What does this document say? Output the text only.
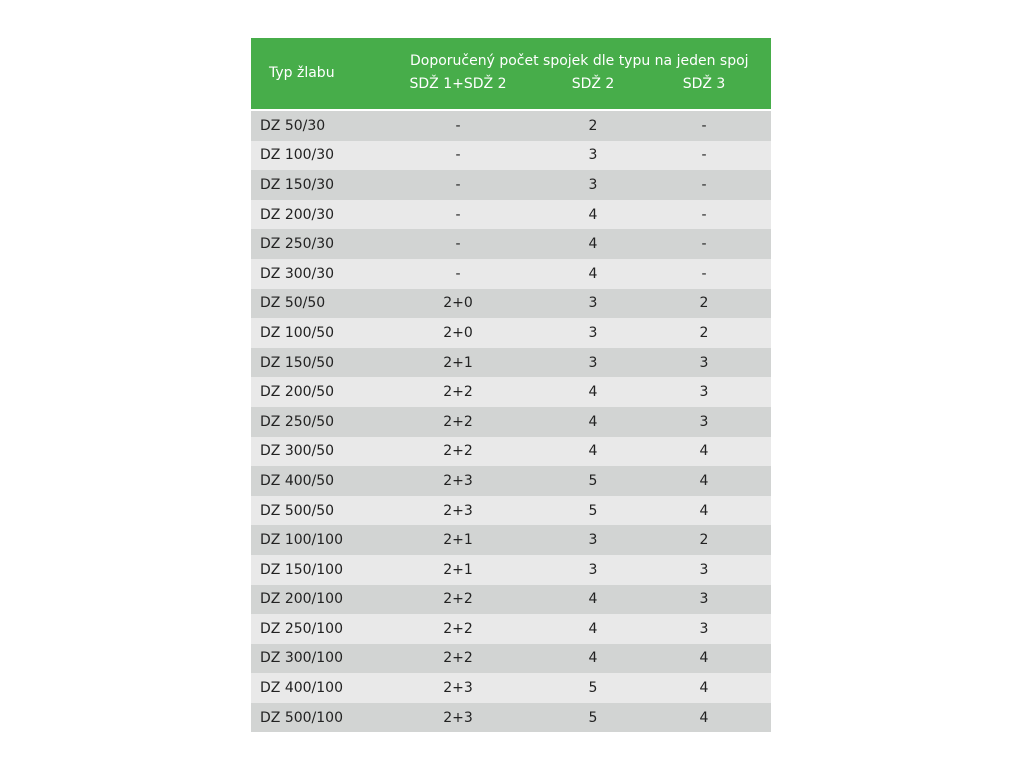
Typ žlabu
Doporučený počet spojek dle typu na jeden spoj
SDŽ 1+SDŽ 2	SDŽ 2	SDŽ 3
DZ 50/30	-	2	-
DZ 100/30	-	3	-
DZ 150/30	-	3	-
DZ 200/30	-	4	-
DZ 250/30	-	4	-
DZ 300/30	-	4	-
DZ 50/50	2+0	3	2
DZ 100/50	2+0	3	2
DZ 150/50	2+1	3	3
DZ 200/50	2+2	4	3
DZ 250/50	2+2	4	3
DZ 300/50	2+2	4	4
DZ 400/50	2+3	5	4
DZ 500/50	2+3	5	4
DZ 100/100	2+1	3	2
DZ 150/100	2+1	3	3
DZ 200/100	2+2	4	3
DZ 250/100	2+2	4	3
DZ 300/100	2+2	4	4
DZ 400/100	2+3	5	4
DZ 500/100	2+3	5	4
